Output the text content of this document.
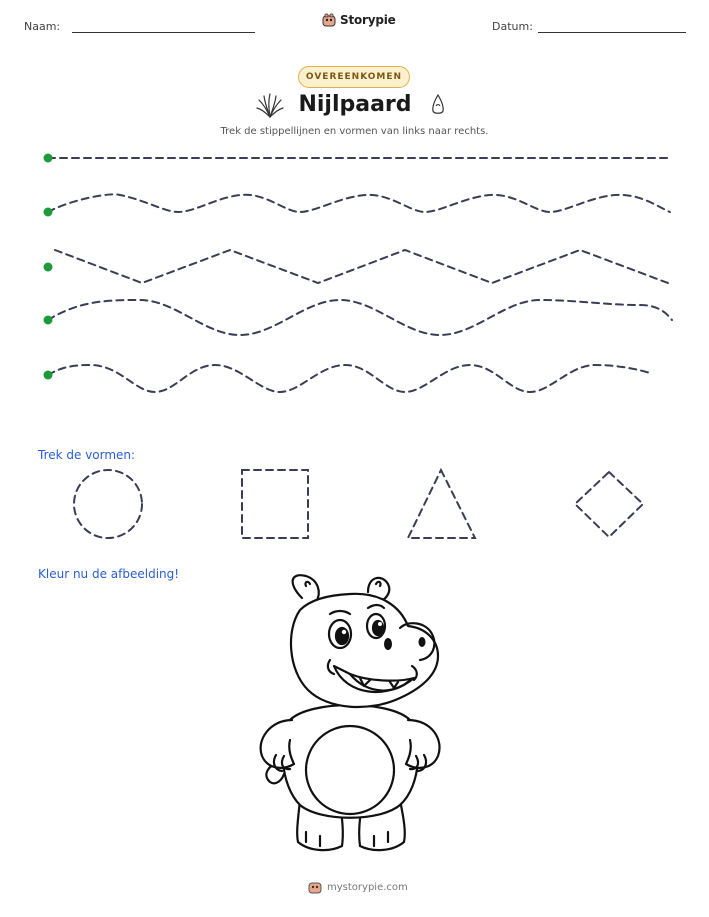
Naam:	Storypie	Datum:
OVEREENKOMEN
Nijlpaard
Trek de stippellijnen en vormen van links naar rechts.
Trek de vormen:
Kleur nu de afbeelding!
mystorypie.com
